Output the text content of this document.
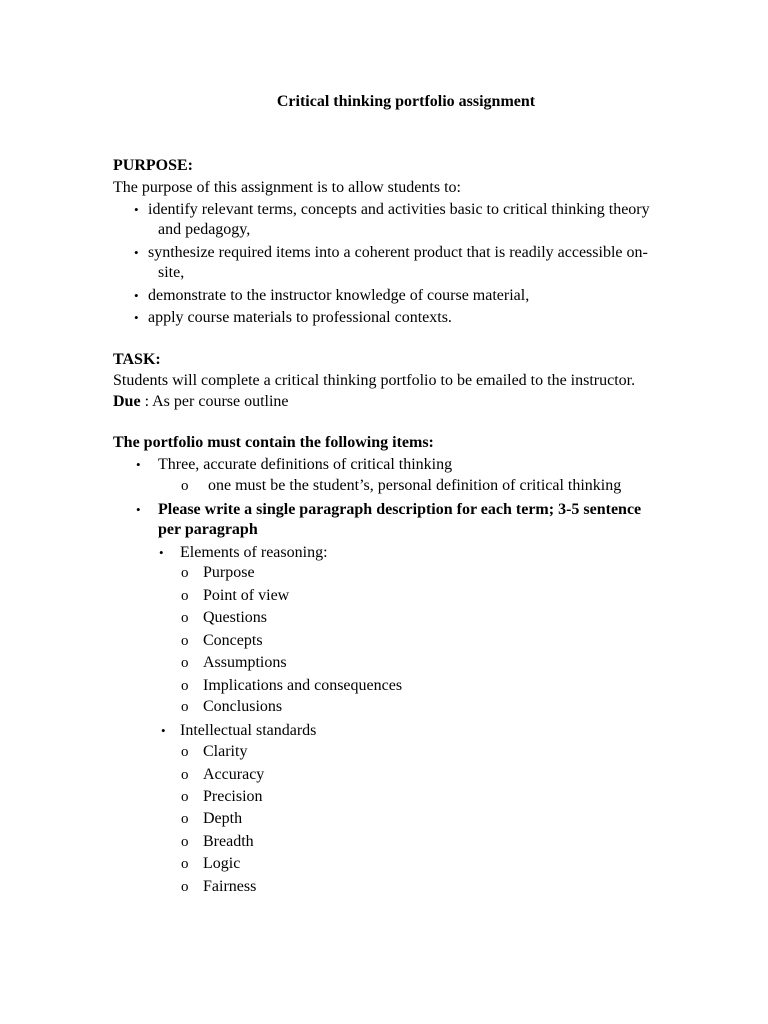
Critical thinking portfolio assignment
PURPOSE:
The purpose of this assignment is to allow students to:
• identify relevant terms, concepts and activities basic to critical thinking theory
and pedagogy,
• synthesize required items into a coherent product that is readily accessible on-
site,
• demonstrate to the instructor knowledge of course material,
• apply course materials to professional contexts.
TASK:
Students will complete a critical thinking portfolio to be emailed to the instructor.
Due : As per course outline
The portfolio must contain the following items:
• Three, accurate definitions of critical thinking
o one must be the student’s, personal definition of critical thinking
• Please write a single paragraph description for each term; 3-5 sentence
per paragraph
• Elements of reasoning:
o Purpose
o Point of view
o Questions
o Concepts
o Assumptions
o Implications and consequences
o Conclusions
• Intellectual standards
o Clarity
o Accuracy
o Precision
o Depth
o Breadth
o Logic
o Fairness
